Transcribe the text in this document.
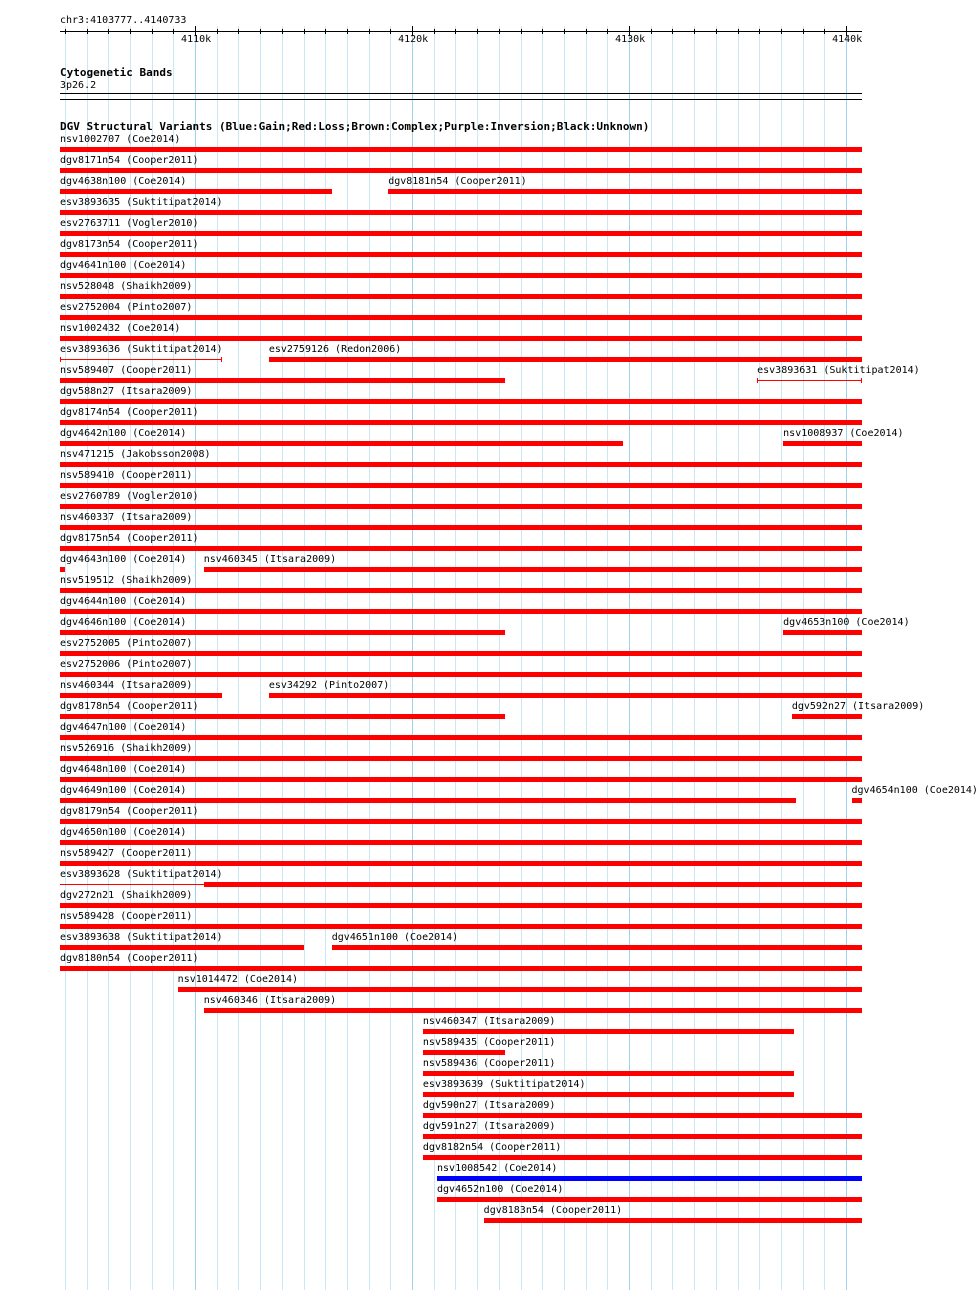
chr3:4103777..4140733
4110k	4120k	4130k	4140k
Cytogenetic Bands
3p26.2
DGV Structural Variants (Blue:Gain;Red:Loss;Brown:Complex;Purple:Inversion;Black:Unknown)
nsv1002707 (Coe2014)
dgv8171n54 (Cooper2011)
dgv4638n100 (Coe2014)	dgv8181n54 (Cooper2011)
esv3893635 (Suktitipat2014)
esv2763711 (Vogler2010)
dgv8173n54 (Cooper2011)
dgv4641n100 (Coe2014)
nsv528048 (Shaikh2009)
esv2752004 (Pinto2007)
nsv1002432 (Coe2014)
esv3893636 (Suktitipat2014)	esv2759126 (Redon2006)
nsv589407 (Cooper2011)	esv3893631 (Suktitipat2014)
dgv588n27 (Itsara2009)
dgv8174n54 (Cooper2011)
dgv4642n100 (Coe2014)	nsv1008937 (Coe2014)
nsv471215 (Jakobsson2008)
nsv589410 (Cooper2011)
esv2760789 (Vogler2010)
nsv460337 (Itsara2009)
dgv8175n54 (Cooper2011)
dgv4643n100 (Coe2014) nsv460345 (Itsara2009)
nsv519512 (Shaikh2009)
dgv4644n100 (Coe2014)
dgv4646n100 (Coe2014)	dgv4653n100 (Coe2014)
esv2752005 (Pinto2007)
esv2752006 (Pinto2007)
nsv460344 (Itsara2009)	esv34292 (Pinto2007)
dgv8178n54 (Cooper2011)	dgv592n27 (Itsara2009)
dgv4647n100 (Coe2014)
nsv526916 (Shaikh2009)
dgv4648n100 (Coe2014)
dgv4649n100 (Coe2014)	dgv4654n100 (Coe2014)
dgv8179n54 (Cooper2011)
dgv4650n100 (Coe2014)
nsv589427 (Cooper2011)
esv3893628 (Suktitipat2014)
dgv272n21 (Shaikh2009)
nsv589428 (Cooper2011)
esv3893638 (Suktitipat2014)	dgv4651n100 (Coe2014)
dgv8180n54 (Cooper2011)
nsv1014472 (Coe2014)
nsv460346 (Itsara2009)
nsv460347 (Itsara2009)
nsv589435 (Cooper2011)
nsv589436 (Cooper2011)
esv3893639 (Suktitipat2014)
dgv590n27 (Itsara2009)
dgv591n27 (Itsara2009)
dgv8182n54 (Cooper2011)
nsv1008542 (Coe2014)
dgv4652n100 (Coe2014)
dgv8183n54 (Cooper2011)
